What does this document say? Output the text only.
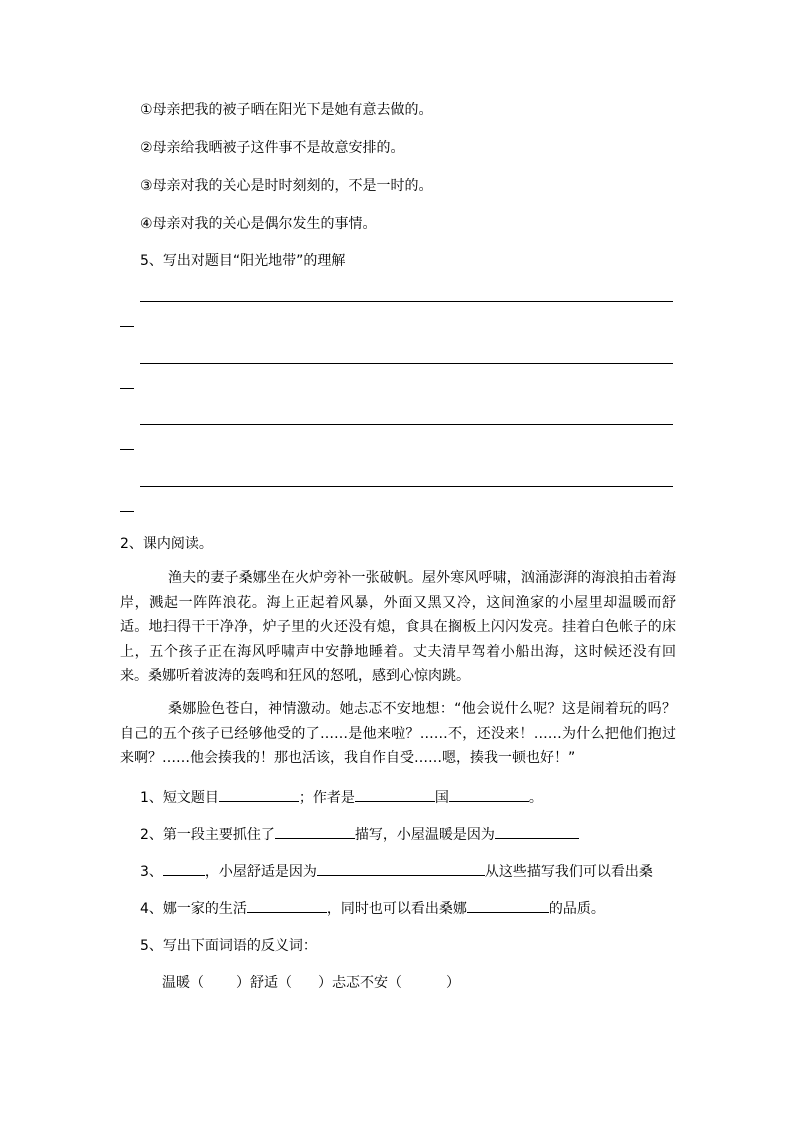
①母亲把我的被子晒在阳光下是她有意去做的。
②母亲给我晒被子这件事不是故意安排的。
③母亲对我的关心是时时刻刻的，不是一时的。
④母亲对我的关心是偶尔发生的事情。
5、写出对题目“阳光地带”的理解
2、课内阅读。
渔夫的妻子桑娜坐在火炉旁补一张破帆。屋外寒风呼啸，汹涌澎湃的海浪拍击着海岸，溅起一阵阵浪花。海上正起着风暴，外面又黑又冷，这间渔家的小屋里却温暖而舒适。地扫得干干净净，炉子里的火还没有熄，食具在搁板上闪闪发亮。挂着白色帐子的床上，五个孩子正在海风呼啸声中安静地睡着。丈夫清早驾着小船出海，这时候还没有回来。桑娜听着波涛的轰鸣和狂风的怒吼，感到心惊肉跳。
桑娜脸色苍白，神情激动。她忐忑不安地想：“他会说什么呢？这是闹着玩的吗？自己的五个孩子已经够他受的了……是他来啦？……不，还没来！……为什么把他们抱过来啊？……他会揍我的！那也活该，我自作自受……嗯，揍我一顿也好！”
1、短文题目	；作者是	国	。
2、第一段主要抓住了	描写，小屋温暖是因为
3、	，小屋舒适是因为	从这些描写我们可以看出桑
4、娜一家的生活	，同时也可以看出桑娜	的品质。
5、写出下面词语的反义词：
温暖（ ）舒适（ ）忐忑不安（	）
